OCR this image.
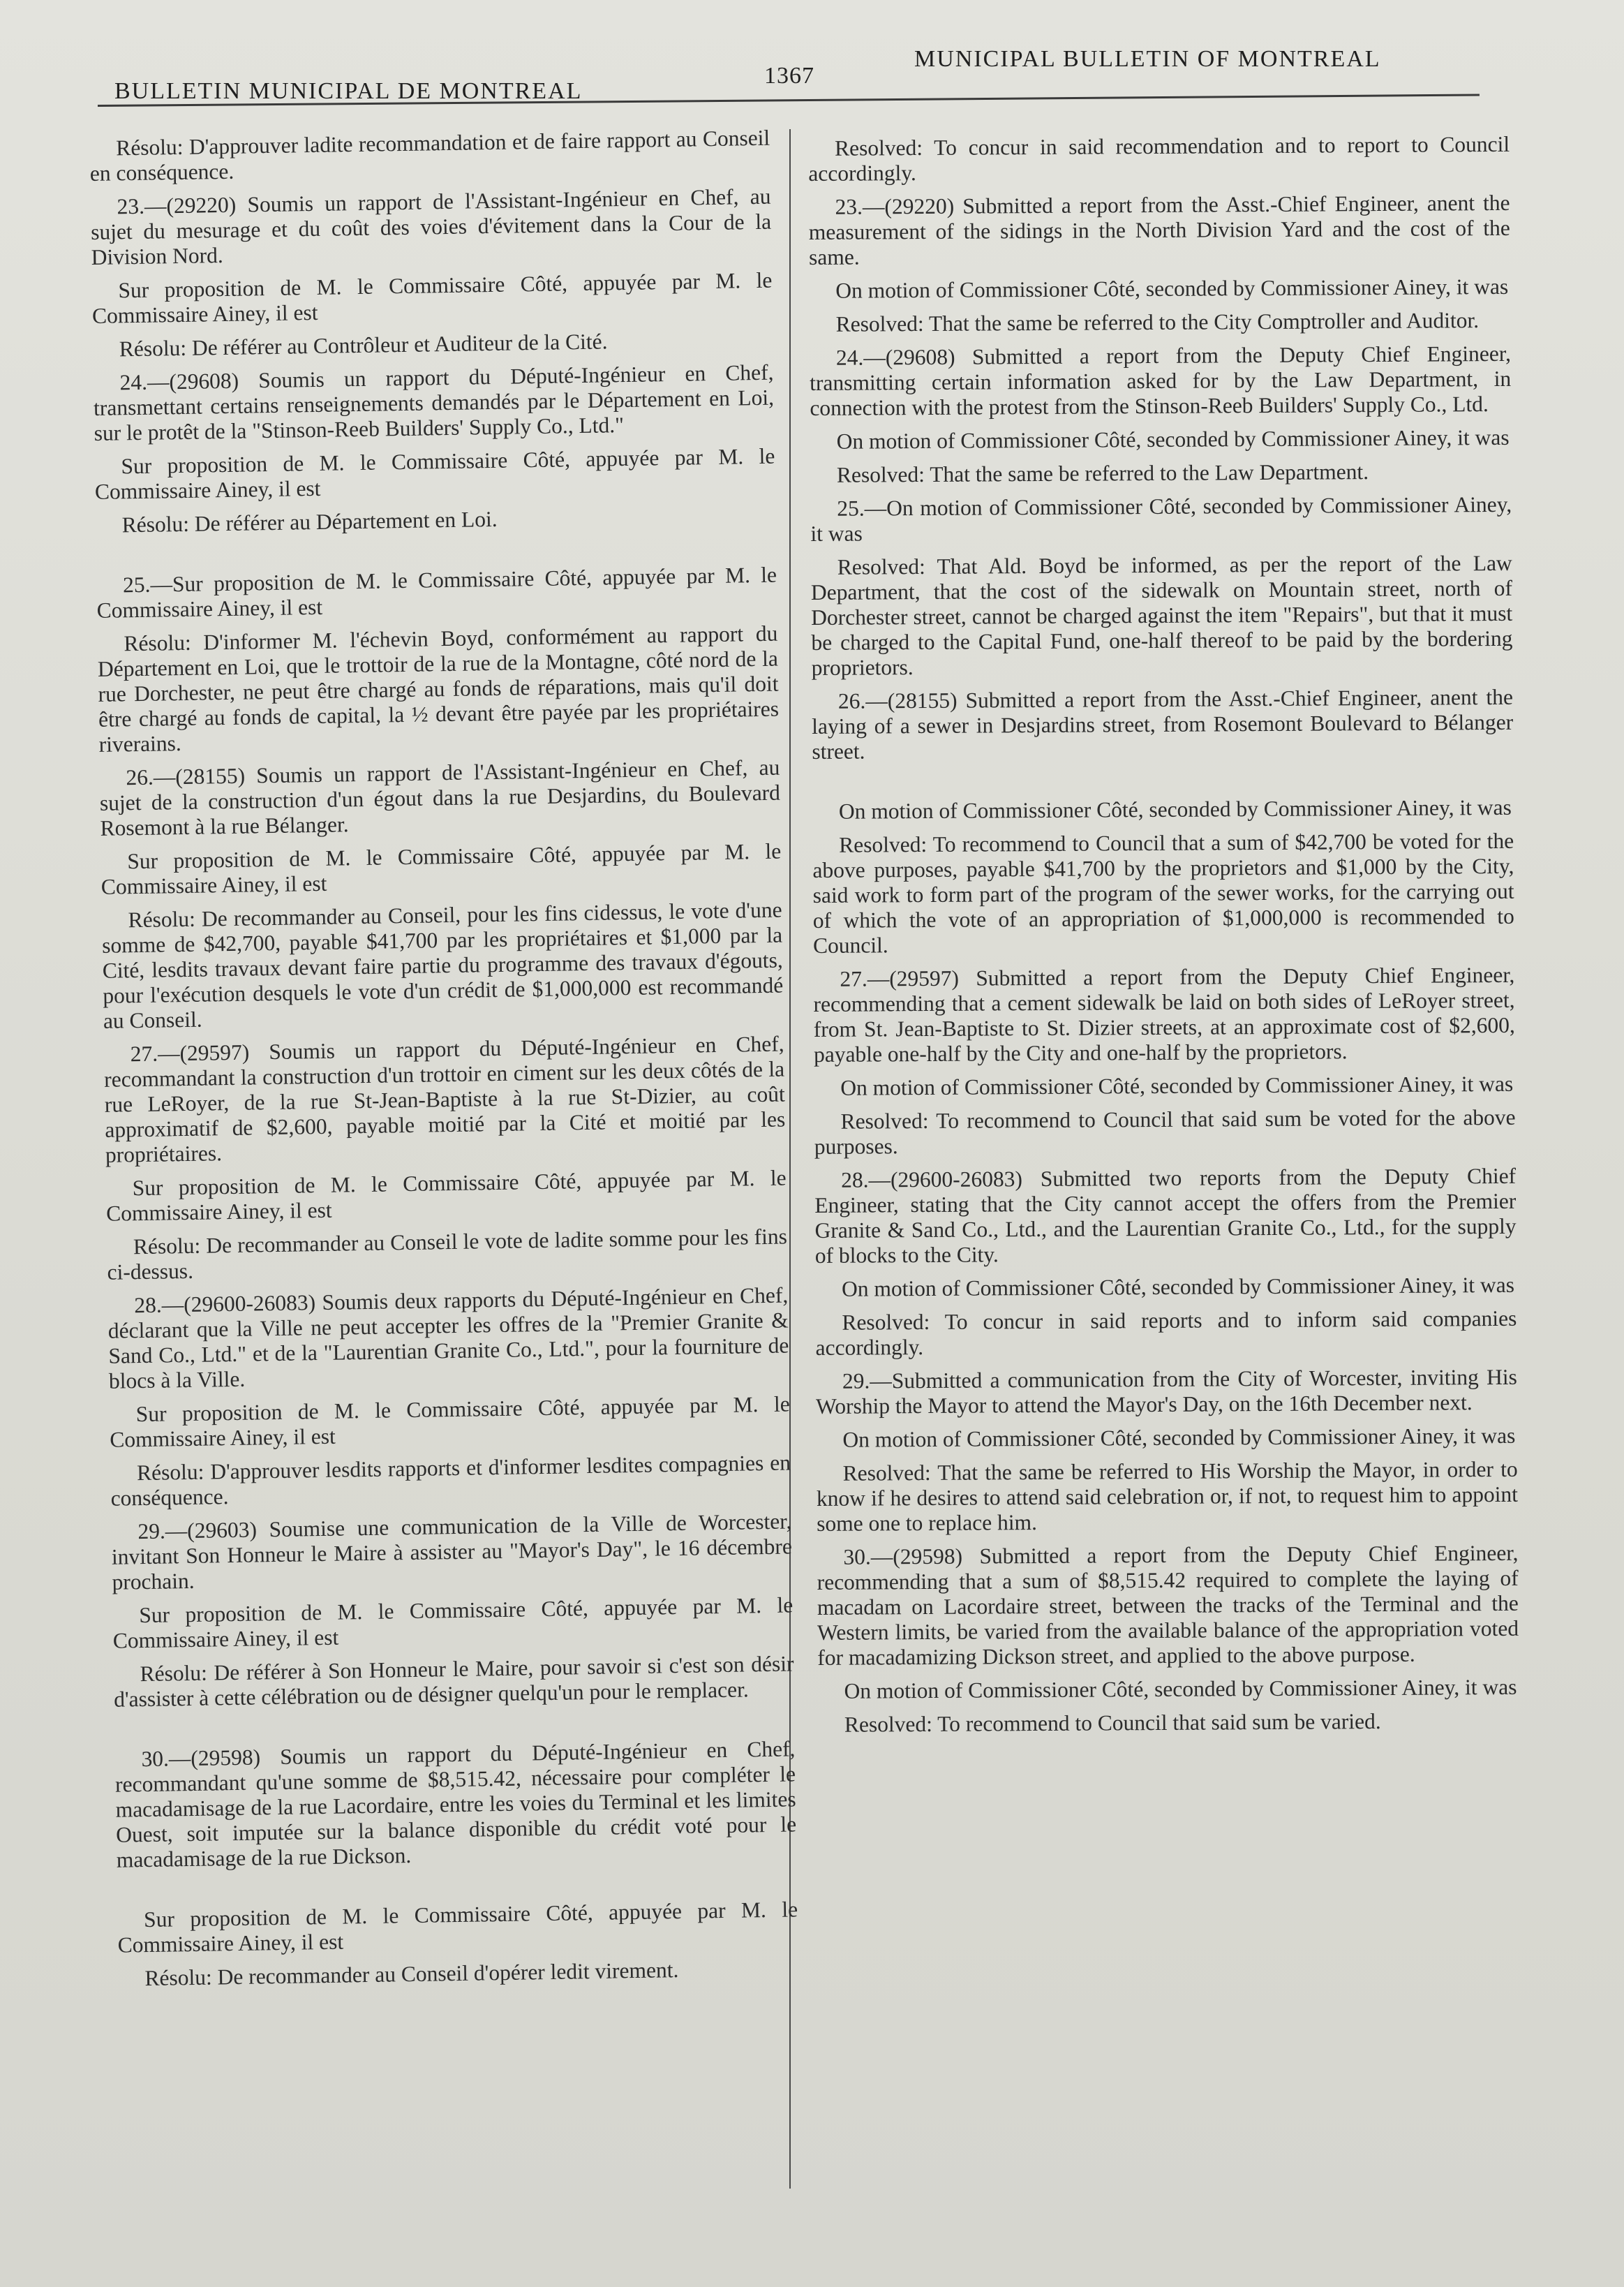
BULLETIN MUNICIPAL DE MONTREAL
1367
MUNICIPAL BULLETIN OF MONTREAL

Résolu: D'approuver ladite recommandation et de faire rapport au Conseil en conséquence.

23.—(29220) Soumis un rapport de l'Assistant-Ingénieur en Chef, au sujet du mesurage et du coût des voies d'évitement dans la Cour de la Division Nord.

Sur proposition de M. le Commissaire Côté, appuyée par M. le Commissaire Ainey, il est

Résolu: De référer au Contrôleur et Auditeur de la Cité.

24.—(29608) Soumis un rapport du Député-Ingénieur en Chef, transmettant certains renseignements demandés par le Département en Loi, sur le protêt de la "Stinson-Reeb Builders' Supply Co., Ltd."

Sur proposition de M. le Commissaire Côté, appuyée par M. le Commissaire Ainey, il est

Résolu: De référer au Département en Loi.

25.—Sur proposition de M. le Commissaire Côté, appuyée par M. le Commissaire Ainey, il est

Résolu: D'informer M. l'échevin Boyd, conformément au rapport du Département en Loi, que le trottoir de la rue de la Montagne, côté nord de la rue Dorchester, ne peut être chargé au fonds de réparations, mais qu'il doit être chargé au fonds de capital, la ½ devant être payée par les propriétaires riverains.

26.—(28155) Soumis un rapport de l'Assistant-Ingénieur en Chef, au sujet de la construction d'un égout dans la rue Desjardins, du Boulevard Rosemont à la rue Bélanger.

Sur proposition de M. le Commissaire Côté, appuyée par M. le Commissaire Ainey, il est

Résolu: De recommander au Conseil, pour les fins cidessus, le vote d'une somme de $42,700, payable $41,700 par les propriétaires et $1,000 par la Cité, lesdits travaux devant faire partie du programme des travaux d'égouts, pour l'exécution desquels le vote d'un crédit de $1,000,000 est recommandé au Conseil.

27.—(29597) Soumis un rapport du Député-Ingénieur en Chef, recommandant la construction d'un trottoir en ciment sur les deux côtés de la rue LeRoyer, de la rue St-Jean-Baptiste à la rue St-Dizier, au coût approximatif de $2,600, payable moitié par la Cité et moitié par les propriétaires.

Sur proposition de M. le Commissaire Côté, appuyée par M. le Commissaire Ainey, il est

Résolu: De recommander au Conseil le vote de ladite somme pour les fins ci-dessus.

28.—(29600-26083) Soumis deux rapports du Député-Ingénieur en Chef, déclarant que la Ville ne peut accepter les offres de la "Premier Granite & Sand Co., Ltd." et de la "Laurentian Granite Co., Ltd.", pour la fourniture de blocs à la Ville.

Sur proposition de M. le Commissaire Côté, appuyée par M. le Commissaire Ainey, il est

Résolu: D'approuver lesdits rapports et d'informer lesdites compagnies en conséquence.

29.—(29603) Soumise une communication de la Ville de Worcester, invitant Son Honneur le Maire à assister au "Mayor's Day", le 16 décembre prochain.

Sur proposition de M. le Commissaire Côté, appuyée par M. le Commissaire Ainey, il est

Résolu: De référer à Son Honneur le Maire, pour savoir si c'est son désir d'assister à cette célébration ou de désigner quelqu'un pour le remplacer.

30.—(29598) Soumis un rapport du Député-Ingénieur en Chef, recommandant qu'une somme de $8,515.42, nécessaire pour compléter le macadamisage de la rue Lacordaire, entre les voies du Terminal et les limites Ouest, soit imputée sur la balance disponible du crédit voté pour le macadamisage de la rue Dickson.

Sur proposition de M. le Commissaire Côté, appuyée par M. le Commissaire Ainey, il est

Résolu: De recommander au Conseil d'opérer ledit virement.

Resolved: To concur in said recommendation and to report to Council accordingly.

23.—(29220) Submitted a report from the Asst.-Chief Engineer, anent the measurement of the sidings in the North Division Yard and the cost of the same.

On motion of Commissioner Côté, seconded by Commissioner Ainey, it was

Resolved: That the same be referred to the City Comptroller and Auditor.

24.—(29608) Submitted a report from the Deputy Chief Engineer, transmitting certain information asked for by the Law Department, in connection with the protest from the Stinson-Reeb Builders' Supply Co., Ltd.

On motion of Commissioner Côté, seconded by Commissioner Ainey, it was

Resolved: That the same be referred to the Law Department.

25.—On motion of Commissioner Côté, seconded by Commissioner Ainey, it was

Resolved: That Ald. Boyd be informed, as per the report of the Law Department, that the cost of the sidewalk on Mountain street, north of Dorchester street, cannot be charged against the item "Repairs", but that it must be charged to the Capital Fund, one-half thereof to be paid by the bordering proprietors.

26.—(28155) Submitted a report from the Asst.-Chief Engineer, anent the laying of a sewer in Desjardins street, from Rosemont Boulevard to Bélanger street.

On motion of Commissioner Côté, seconded by Commissioner Ainey, it was

Resolved: To recommend to Council that a sum of $42,700 be voted for the above purposes, payable $41,700 by the proprietors and $1,000 by the City, said work to form part of the program of the sewer works, for the carrying out of which the vote of an appropriation of $1,000,000 is recommended to Council.

27.—(29597) Submitted a report from the Deputy Chief Engineer, recommending that a cement sidewalk be laid on both sides of LeRoyer street, from St. Jean-Baptiste to St. Dizier streets, at an approximate cost of $2,600, payable one-half by the City and one-half by the proprietors.

On motion of Commissioner Côté, seconded by Commissioner Ainey, it was

Resolved: To recommend to Council that said sum be voted for the above purposes.

28.—(29600-26083) Submitted two reports from the Deputy Chief Engineer, stating that the City cannot accept the offers from the Premier Granite & Sand Co., Ltd., and the Laurentian Granite Co., Ltd., for the supply of blocks to the City.

On motion of Commissioner Côté, seconded by Commissioner Ainey, it was

Resolved: To concur in said reports and to inform said companies accordingly.

29.—Submitted a communication from the City of Worcester, inviting His Worship the Mayor to attend the Mayor's Day, on the 16th December next.

On motion of Commissioner Côté, seconded by Commissioner Ainey, it was

Resolved: That the same be referred to His Worship the Mayor, in order to know if he desires to attend said celebration or, if not, to request him to appoint some one to replace him.

30.—(29598) Submitted a report from the Deputy Chief Engineer, recommending that a sum of $8,515.42 required to complete the laying of macadam on Lacordaire street, between the tracks of the Terminal and the Western limits, be varied from the available balance of the appropriation voted for macadamizing Dickson street, and applied to the above purpose.

On motion of Commissioner Côté, seconded by Commissioner Ainey, it was

Resolved: To recommend to Council that said sum be varied.
